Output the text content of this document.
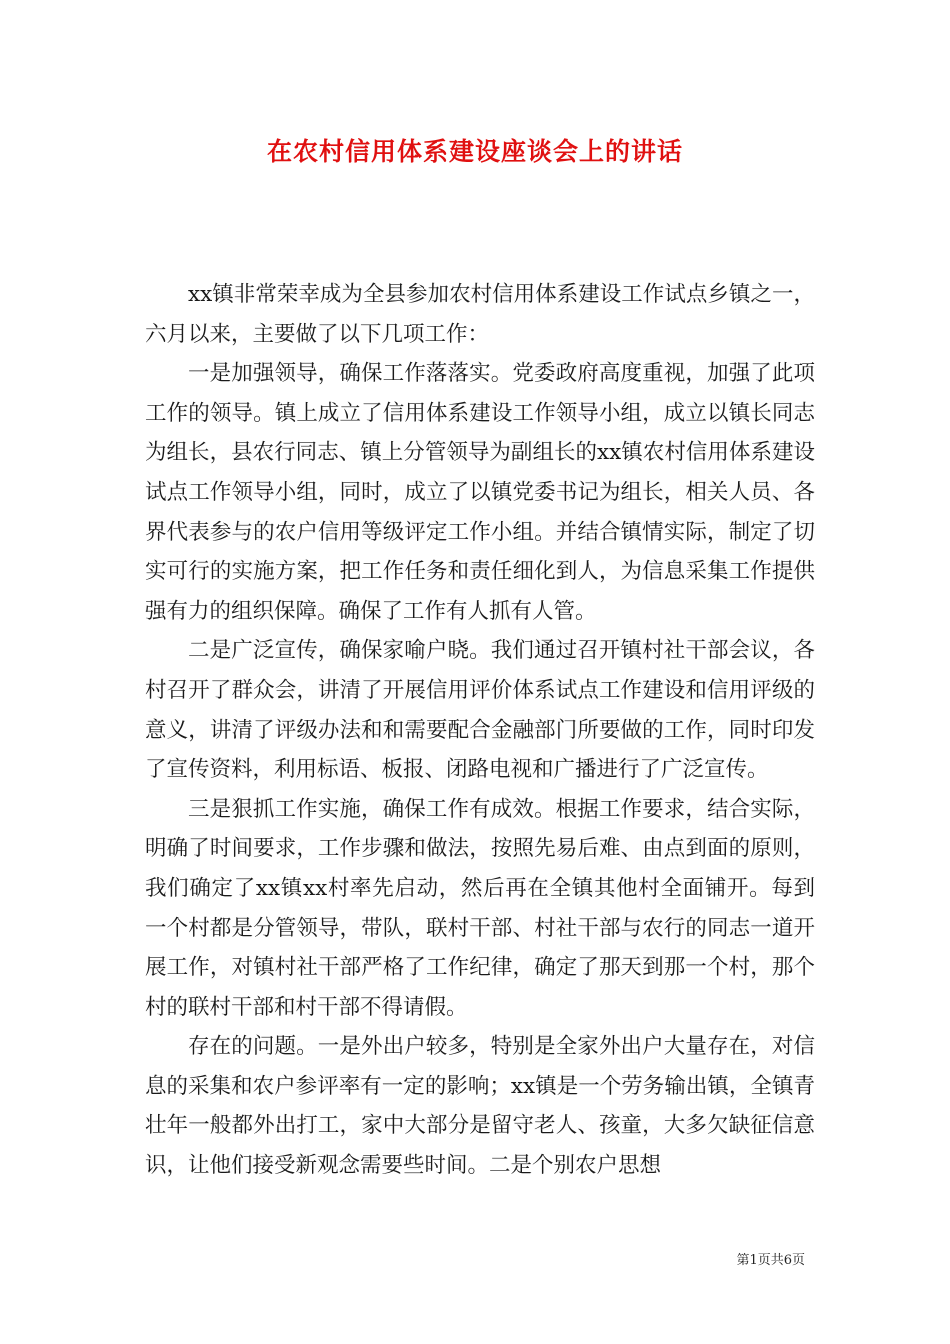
在农村信用体系建设座谈会上的讲话

xx镇非常荣幸成为全县参加农村信用体系建设工作试点乡镇之一，六月以来，主要做了以下几项工作：

一是加强领导，确保工作落落实。党委政府高度重视，加强了此项工作的领导。镇上成立了信用体系建设工作领导小组，成立以镇长同志为组长，县农行同志、镇上分管领导为副组长的xx镇农村信用体系建设试点工作领导小组，同时，成立了以镇党委书记为组长，相关人员、各界代表参与的农户信用等级评定工作小组。并结合镇情实际，制定了切实可行的实施方案，把工作任务和责任细化到人，为信息采集工作提供强有力的组织保障。确保了工作有人抓有人管。

二是广泛宣传，确保家喻户晓。我们通过召开镇村社干部会议，各村召开了群众会，讲清了开展信用评价体系试点工作建设和信用评级的意义，讲清了评级办法和和需要配合金融部门所要做的工作，同时印发了宣传资料，利用标语、板报、闭路电视和广播进行了广泛宣传。

三是狠抓工作实施，确保工作有成效。根据工作要求，结合实际，明确了时间要求，工作步骤和做法，按照先易后难、由点到面的原则，我们确定了xx镇xx村率先启动，然后再在全镇其他村全面铺开。每到一个村都是分管领导，带队，联村干部、村社干部与农行的同志一道开展工作，对镇村社干部严格了工作纪律，确定了那天到那一个村，那个村的联村干部和村干部不得请假。

存在的问题。一是外出户较多，特别是全家外出户大量存在，对信息的采集和农户参评率有一定的影响；xx镇是一个劳务输出镇，全镇青壮年一般都外出打工，家中大部分是留守老人、孩童，大多欠缺征信意识，让他们接受新观念需要些时间。二是个别农户思想

第1页共6页
